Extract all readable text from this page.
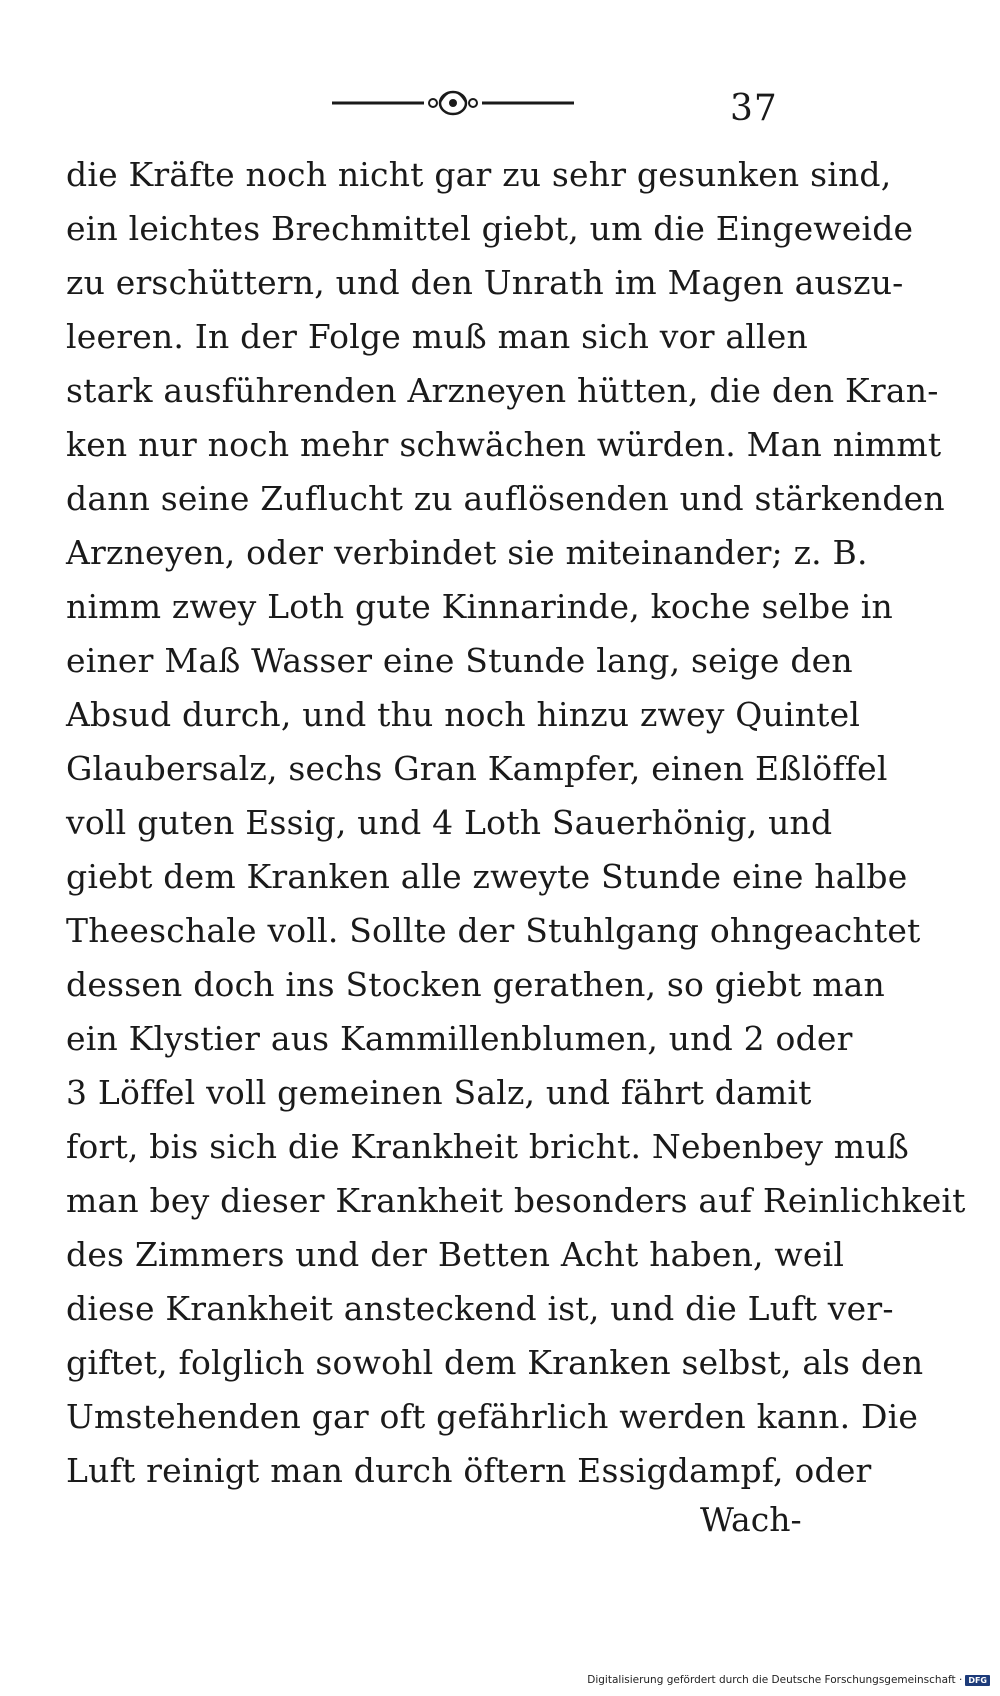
37
die Kräfte noch nicht gar zu sehr gesunken sind,
ein leichtes Brechmittel giebt, um die Eingeweide
zu erschüttern, und den Unrath im Magen auszu-
leeren. In der Folge muß man sich vor allen
stark ausführenden Arzneyen hütten, die den Kran-
ken nur noch mehr schwächen würden. Man nimmt
dann seine Zuflucht zu auflösenden und stärkenden
Arzneyen, oder verbindet sie miteinander; z. B.
nimm zwey Loth gute Kinnarinde, koche selbe in
einer Maß Wasser eine Stunde lang, seige den
Absud durch, und thu noch hinzu zwey Quintel
Glaubersalz, sechs Gran Kampfer, einen Eßlöffel
voll guten Essig, und 4 Loth Sauerhönig, und
giebt dem Kranken alle zweyte Stunde eine halbe
Theeschale voll. Sollte der Stuhlgang ohngeachtet
dessen doch ins Stocken gerathen, so giebt man
ein Klystier aus Kammillenblumen, und 2 oder
3 Löffel voll gemeinen Salz, und fährt damit
fort, bis sich die Krankheit bricht. Nebenbey muß
man bey dieser Krankheit besonders auf Reinlichkeit
des Zimmers und der Betten Acht haben, weil
diese Krankheit ansteckend ist, und die Luft ver-
giftet, folglich sowohl dem Kranken selbst, als den
Umstehenden gar oft gefährlich werden kann. Die
Luft reinigt man durch öftern Essigdampf, oder
Wach-
Digitalisierung gefördert durch die Deutsche Forschungsgemeinschaft · DFG
